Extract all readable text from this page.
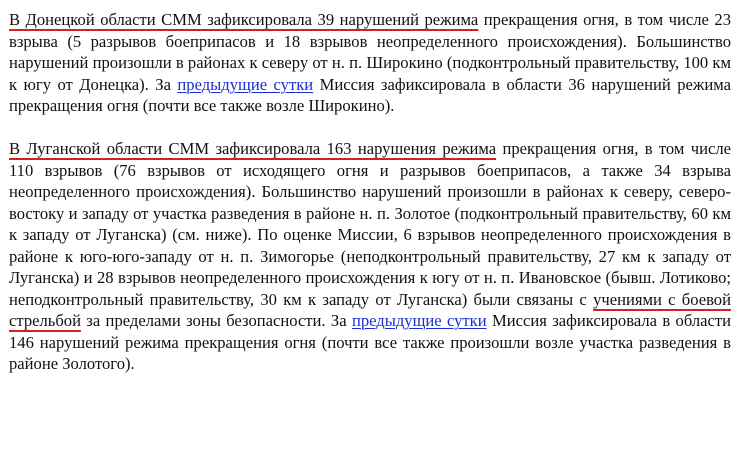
В Донецкой области СММ зафиксировала 39 нарушений режима прекращения огня, в том числе 23 взрыва (5 разрывов боеприпасов и 18 взрывов неопределенного происхождения). Большинство нарушений произошли в районах к северу от н. п. Широкино (подконтрольный правительству, 100 км к югу от Донецка). За предыдущие сутки Миссия зафиксировала в области 36 нарушений режима прекращения огня (почти все также возле Широкино).

В Луганской области СММ зафиксировала 163 нарушения режима прекращения огня, в том числе 110 взрывов (76 взрывов от исходящего огня и разрывов боеприпасов, а также 34 взрыва неопределенного происхождения). Большинство нарушений произошли в районах к северу, северо-востоку и западу от участка разведения в районе н. п. Золотое (подконтрольный правительству, 60 км к западу от Луганска) (см. ниже). По оценке Миссии, 6 взрывов неопределенного происхождения в районе к юго-юго-западу от н. п. Зимогорье (неподконтрольный правительству, 27 км к западу от Луганска) и 28 взрывов неопределенного происхождения к югу от н. п. Ивановское (бывш. Лотиково; неподконтрольный правительству, 30 км к западу от Луганска) были связаны с учениями с боевой стрельбой за пределами зоны безопасности. За предыдущие сутки Миссия зафиксировала в области 146 нарушений режима прекращения огня (почти все также произошли возле участка разведения в районе Золотого).
